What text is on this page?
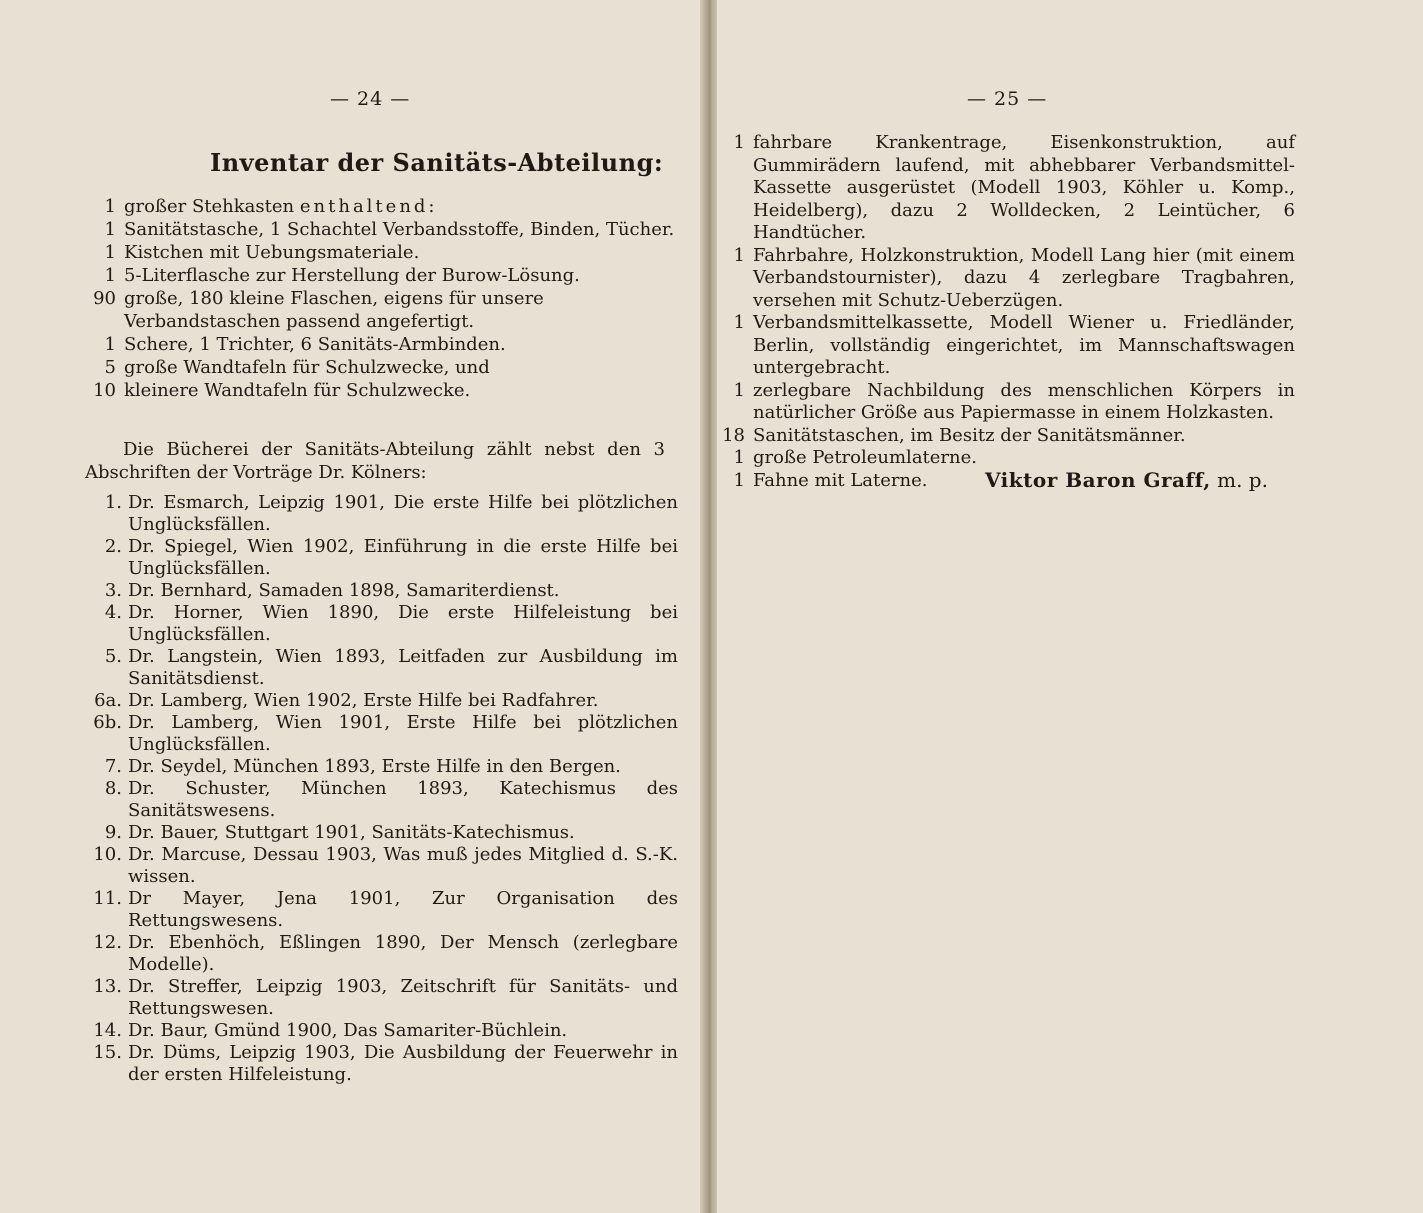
— 24 —
Inventar der Sanitäts-Abteilung:
1 großer Stehkasten enthaltend:
1 Sanitätstasche, 1 Schachtel Verbandsstoffe, Binden, Tücher.
1 Kistchen mit Uebungsmateriale.
1 5-Literflasche zur Herstellung der Burow-Lösung.
90 große, 180 kleine Flaschen, eigens für unsere Verbandstaschen passend angefertigt.
1 Schere, 1 Trichter, 6 Sanitäts-Armbinden.
5 große Wandtafeln für Schulzwecke, und
10 kleinere Wandtafeln für Schulzwecke.
Die Bücherei der Sanitäts-Abteilung zählt nebst den 3 Abschriften der Vorträge Dr. Kölners:
1. Dr. Esmarch, Leipzig 1901, Die erste Hilfe bei plötzlichen Unglücksfällen.
2. Dr. Spiegel, Wien 1902, Einführung in die erste Hilfe bei Unglücksfällen.
3. Dr. Bernhard, Samaden 1898, Samariterdienst.
4. Dr. Horner, Wien 1890, Die erste Hilfeleistung bei Unglücksfällen.
5. Dr. Langstein, Wien 1893, Leitfaden zur Ausbildung im Sanitätsdienst.
6a. Dr. Lamberg, Wien 1902, Erste Hilfe bei Radfahrer.
6b. Dr. Lamberg, Wien 1901, Erste Hilfe bei plötzlichen Unglücksfällen.
7. Dr. Seydel, München 1893, Erste Hilfe in den Bergen.
8. Dr. Schuster, München 1893, Katechismus des Sanitätswesens.
9. Dr. Bauer, Stuttgart 1901, Sanitäts-Katechismus.
10. Dr. Marcuse, Dessau 1903, Was muß jedes Mitglied d. S.-K. wissen.
11. Dr Mayer, Jena 1901, Zur Organisation des Rettungswesens.
12. Dr. Ebenhöch, Eßlingen 1890, Der Mensch (zerlegbare Modelle).
13. Dr. Streffer, Leipzig 1903, Zeitschrift für Sanitäts- und Rettungswesen.
14. Dr. Baur, Gmünd 1900, Das Samariter-Büchlein.
15. Dr. Düms, Leipzig 1903, Die Ausbildung der Feuerwehr in der ersten Hilfeleistung.
— 25 —
1 fahrbare Krankentrage, Eisenkonstruktion, auf Gummirädern laufend, mit abhebbarer Verbandsmittel-Kassette ausgerüstet (Modell 1903, Köhler u. Komp., Heidelberg), dazu 2 Wolldecken, 2 Leintücher, 6 Handtücher.
1 Fahrbahre, Holzkonstruktion, Modell Lang hier (mit einem Verbandstournister), dazu 4 zerlegbare Tragbahren, versehen mit Schutz-Ueberzügen.
1 Verbandsmittelkassette, Modell Wiener u. Friedländer, Berlin, vollständig eingerichtet, im Mannschaftswagen untergebracht.
1 zerlegbare Nachbildung des menschlichen Körpers in natürlicher Größe aus Papiermasse in einem Holzkasten.
18 Sanitätstaschen, im Besitz der Sanitätsmänner.
1 große Petroleumlaterne.
1 Fahne mit Laterne.	Viktor Baron Graff, m. p.
